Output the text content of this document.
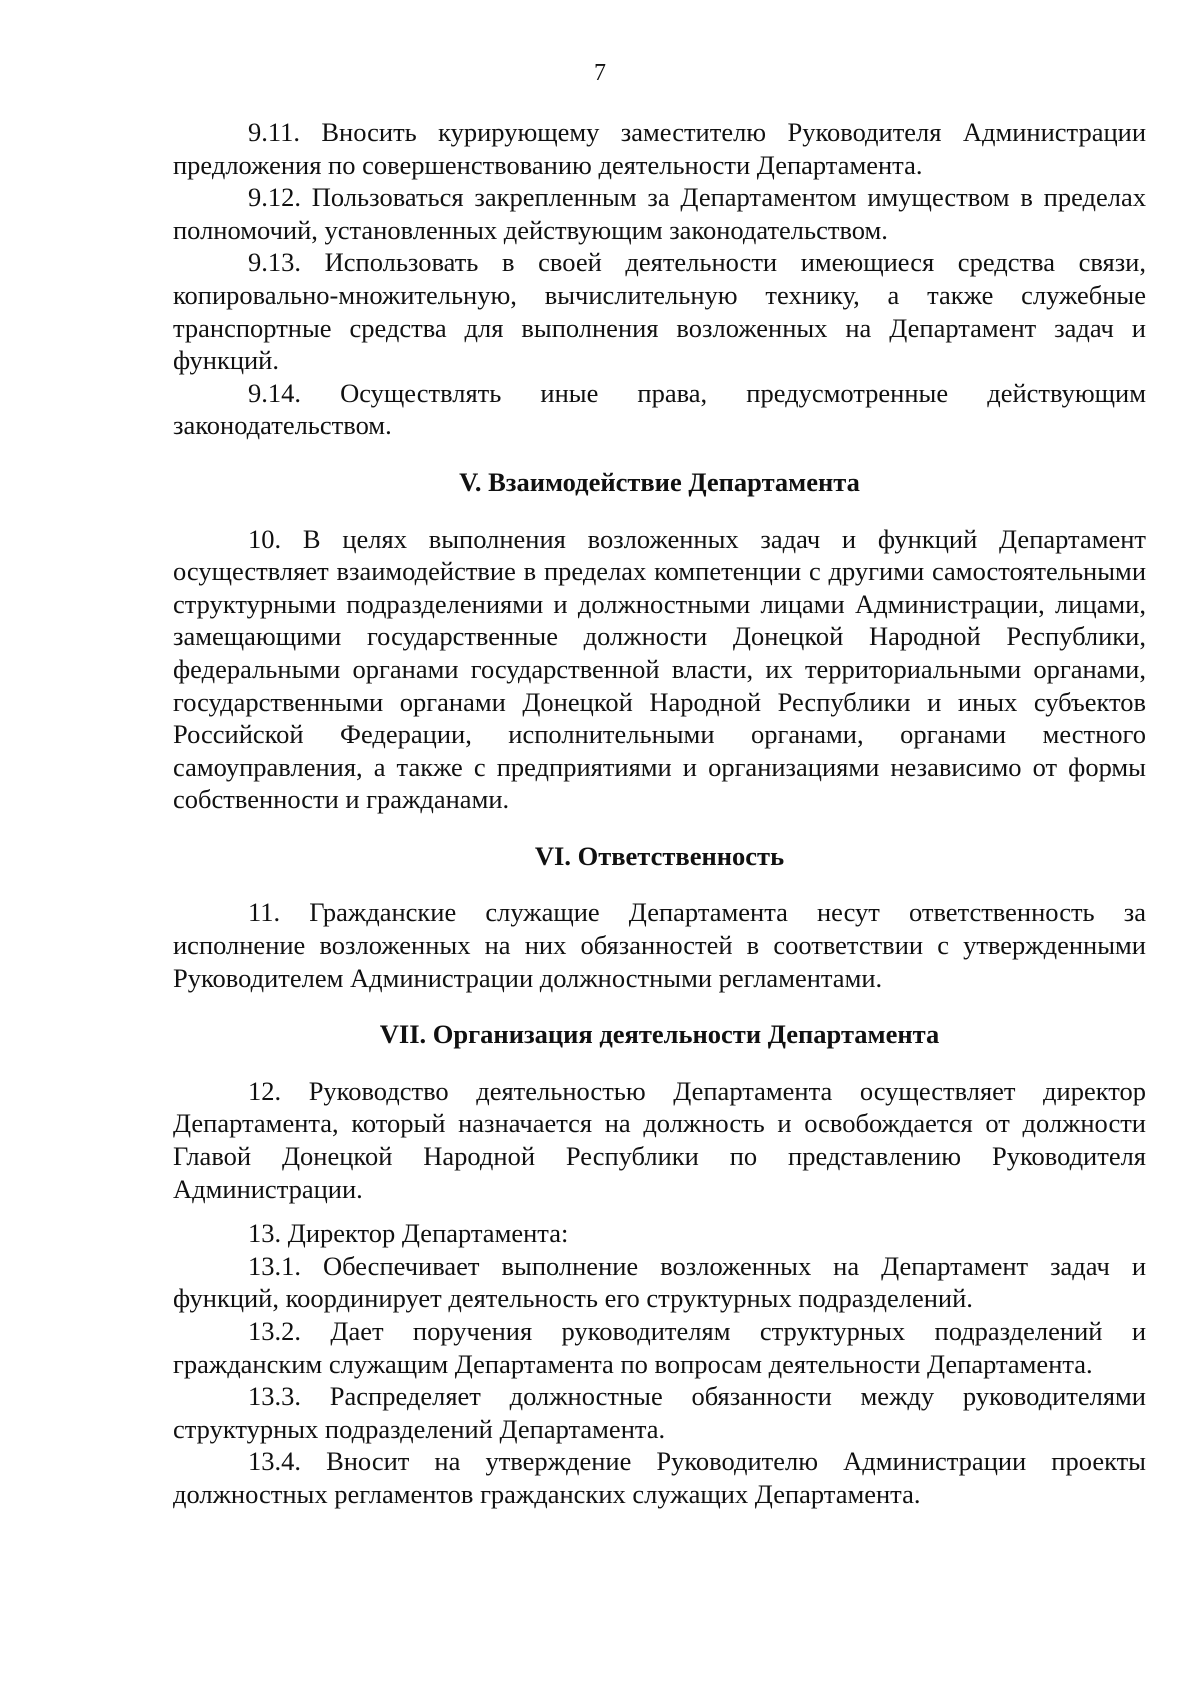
7

9.11. Вносить курирующему заместителю Руководителя Администрации предложения по совершенствованию деятельности Департамента.

9.12. Пользоваться закрепленным за Департаментом имуществом в пределах полномочий, установленных действующим законодательством.

9.13. Использовать в своей деятельности имеющиеся средства связи, копировально-множительную, вычислительную технику, а также служебные транспортные средства для выполнения возложенных на Департамент задач и функций.

9.14. Осуществлять иные права, предусмотренные действующим законодательством.

V. Взаимодействие Департамента

10. В целях выполнения возложенных задач и функций Департамент осуществляет взаимодействие в пределах компетенции с другими самостоятельными структурными подразделениями и должностными лицами Администрации, лицами, замещающими государственные должности Донецкой Народной Республики, федеральными органами государственной власти, их территориальными органами, государственными органами Донецкой Народной Республики и иных субъектов Российской Федерации, исполнительными органами, органами местного самоуправления, а также с предприятиями и организациями независимо от формы собственности и гражданами.

VI. Ответственность

11. Гражданские служащие Департамента несут ответственность за исполнение возложенных на них обязанностей в соответствии с утвержденными Руководителем Администрации должностными регламентами.

VII. Организация деятельности Департамента

12. Руководство деятельностью Департамента осуществляет директор Департамента, который назначается на должность и освобождается от должности Главой Донецкой Народной Республики по представлению Руководителя Администрации.

13. Директор Департамента:

13.1. Обеспечивает выполнение возложенных на Департамент задач и функций, координирует деятельность его структурных подразделений.

13.2. Дает поручения руководителям структурных подразделений и гражданским служащим Департамента по вопросам деятельности Департамента.

13.3. Распределяет должностные обязанности между руководителями структурных подразделений Департамента.

13.4. Вносит на утверждение Руководителю Администрации проекты должностных регламентов гражданских служащих Департамента.
